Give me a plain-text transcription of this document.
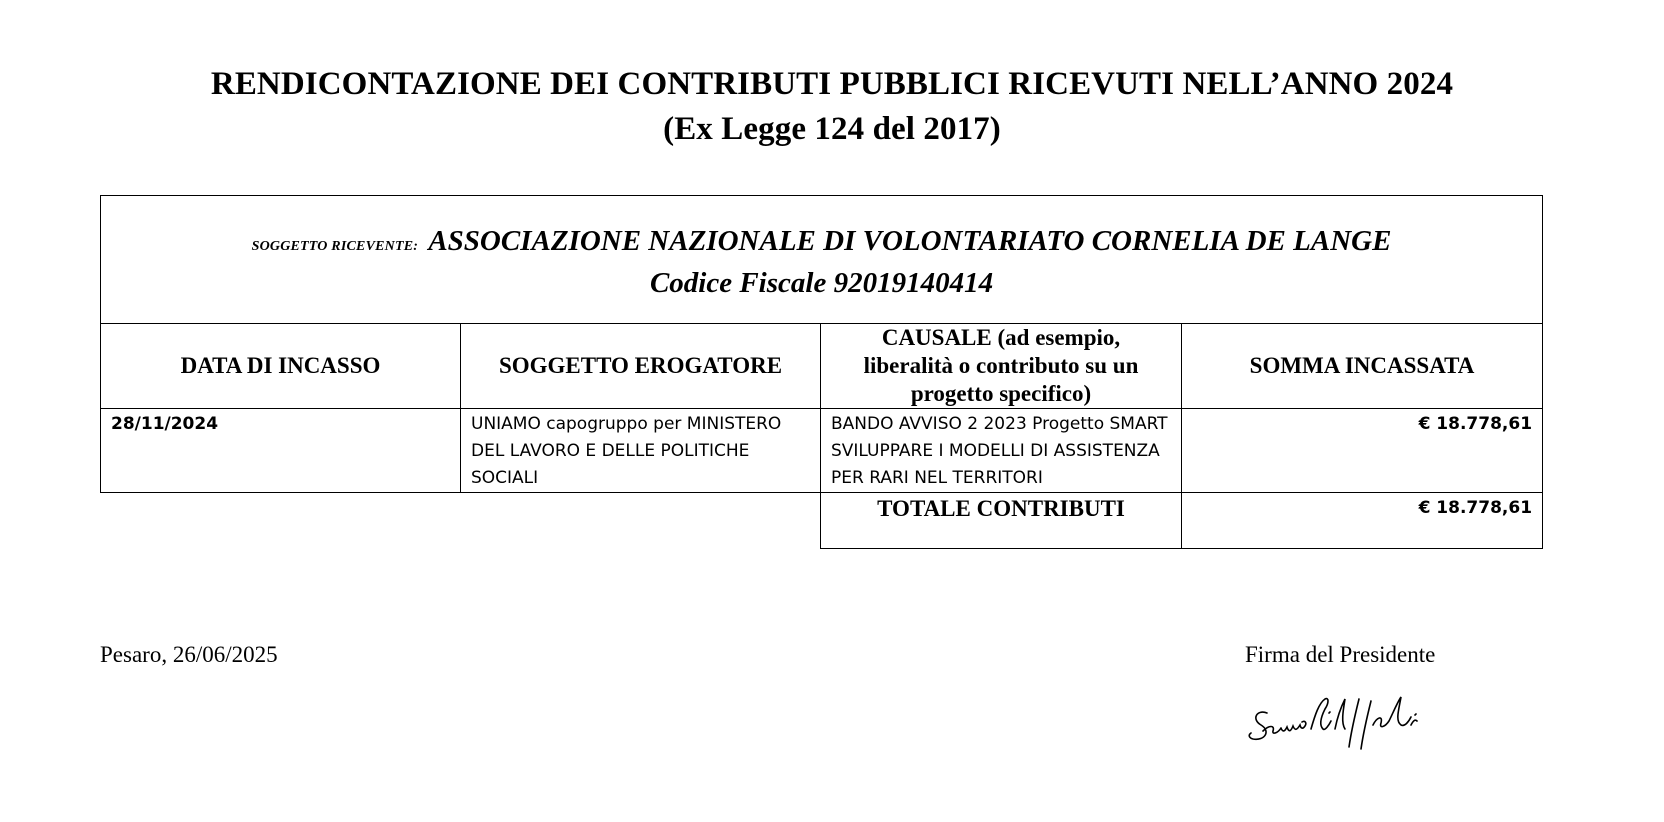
RENDICONTAZIONE DEI CONTRIBUTI PUBBLICI RICEVUTI NELL’ANNO 2024
(Ex Legge 124 del 2017)
SOGGETTO RICEVENTE: ASSOCIAZIONE NAZIONALE DI VOLONTARIATO CORNELIA DE LANGE
Codice Fiscale 92019140414			

DATA DI INCASSO	SOGGETTO EROGATORE	CAUSALE (ad esempio, liberalità o contributo su un progetto specifico)	SOMMA INCASSATA
28/11/2024	UNIAMO capogruppo per MINISTERO DEL LAVORO E DELLE POLITICHE SOCIALI	BANDO AVVISO 2 2023 Progetto SMART SVILUPPARE I MODELLI DI ASSISTENZA PER RARI NEL TERRITORI	€ 18.778,61
		TOTALE CONTRIBUTI	€ 18.778,61
Pesaro, 26/06/2025	Firma del Presidente
